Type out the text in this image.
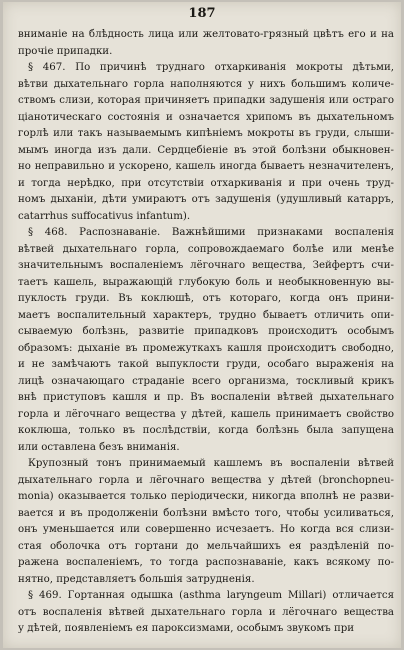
187
вниманіе на блѣдность лица или желтовато-грязный цвѣтъ его и на
прочіе припадки.
§ 467. По причинѣ труднаго отхаркиванія мокроты дѣтьми,
вѣтви дыхательнаго горла наполняются у нихъ большимъ количе-
ствомъ слизи, которая причиняетъ припадки задушенія или остраго
ціанотическаго состоянія и означается хрипомъ въ дыхательномъ
горлѣ или такъ называемымъ кипѣніемъ мокроты въ груди, слыши-
мымъ иногда изъ дали. Сердцебіеніе въ этой болѣзни обыкновен-
но неправильно и ускорено, кашель иногда бываетъ незначителенъ,
и тогда нерѣдко, при отсутствіи отхаркиванія и при очень труд-
номъ дыханіи, дѣти умираютъ отъ задушенія (удушливый катарръ,
catarrhus suffocativus infantum).
§ 468. Распознаваніе. Важнѣйшими признаками воспаленія
вѣтвей дыхательнаго горла, сопровождаемаго болѣе или менѣе
значительнымъ воспаленіемъ лёгочнаго вещества, Зейфертъ счи-
таетъ кашель, выражающій глубокую боль и необыкновенную вы-
пуклость груди. Въ коклюшѣ, отъ котораго, когда онъ прини-
маетъ воспалительный характеръ, трудно бываетъ отличить опи-
сываемую болѣзнь, развитіе припадковъ происходитъ особымъ
образомъ: дыханіе въ промежуткахъ кашля происходитъ свободно,
и не замѣчаютъ такой выпуклости груди, особаго выраженія на
лицѣ означающаго страданіе всего организма, тоскливый крикъ
внѣ приступовъ кашля и пр. Въ воспаленіи вѣтвей дыхательнаго
горла и лёгочнаго вещества у дѣтей, кашель принимаетъ свойство
коклюша, только въ послѣдствіи, когда болѣзнь была запущена
или оставлена безъ вниманія.
Крупозный тонъ принимаемый кашлемъ въ воспаленіи вѣтвей
дыхательнаго горла и лёгочнаго вещества у дѣтей (bronchopneu-
monia) оказывается только періодически, никогда вполнѣ не разви-
вается и въ продолженіи болѣзни вмѣсто того, чтобы усиливаться,
онъ уменьшается или совершенно исчезаетъ. Но когда вся слизи-
стая оболочка отъ гортани до мельчайшихъ ея раздѣленій по-
ражена воспаленіемъ, то тогда распознаваніе, какъ всякому по-
нятно, представляетъ большія затрудненія.
§ 469. Гортанная одышка (asthma laryngeum Millari) отличается
отъ воспаленія вѣтвей дыхательнаго горла и лёгочнаго вещества
у дѣтей, появленіемъ ея пароксизмами, особымъ звукомъ при
